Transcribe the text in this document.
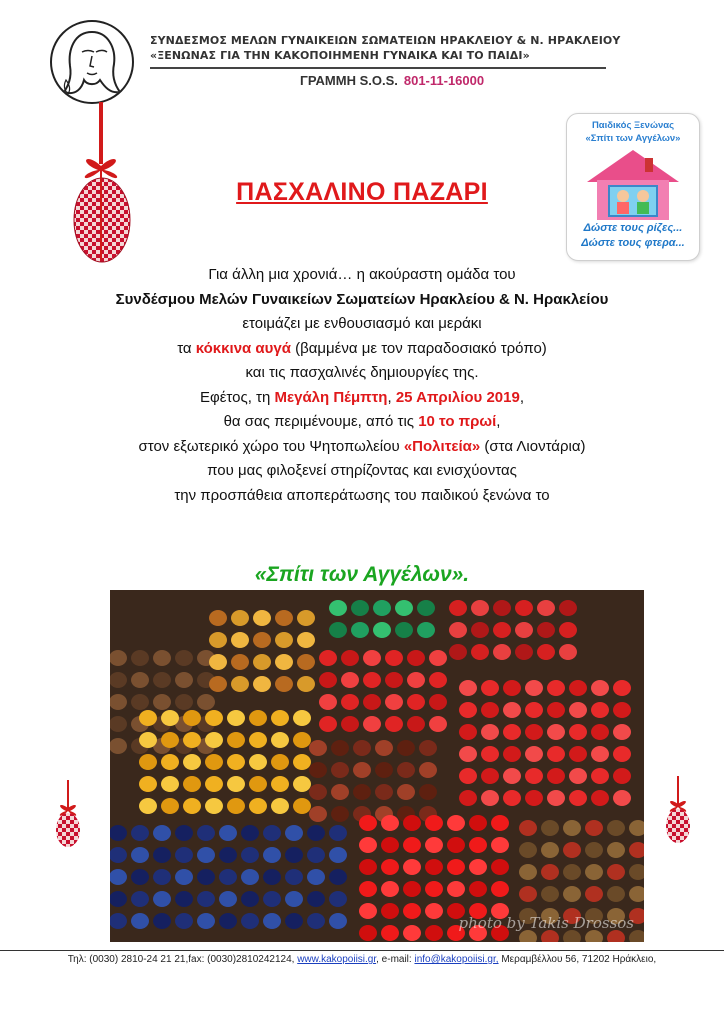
ΣΥΝΔΕΣΜΟΣ ΜΕΛΩΝ ΓΥΝΑΙΚΕΙΩΝ ΣΩΜΑΤΕΙΩΝ ΗΡΑΚΛΕΙΟΥ & Ν. ΗΡΑΚΛΕΙΟΥ
«ΞΕΝΩΝΑΣ ΓΙΑ ΤΗΝ ΚΑΚΟΠΟΙΗΜΕΝΗ ΓΥΝΑΙΚΑ ΚΑΙ ΤΟ ΠΑΙΔΙ»
ΓΡΑΜΜΗ S.O.S. 801-11-16000
Παιδικός Ξενώνας
«Σπίτι των Αγγέλων»
Δώστε τους ρίζες...
Δώστε τους φτερα...
ΠΑΣΧΑΛΙΝΟ ΠΑΖΑΡΙ
Για άλλη μια χρονιά… η ακούραστη ομάδα του
Συνδέσμου Μελών Γυναικείων Σωματείων Ηρακλείου & Ν. Ηρακλείου
ετοιμάζει με ενθουσιασμό και μεράκι
τα κόκκινα αυγά (βαμμένα με τον παραδοσιακό τρόπο)
και τις πασχαλινές δημιουργίες της.
Εφέτος, τη Μεγάλη Πέμπτη, 25 Απριλίου 2019,
θα σας περιμένουμε, από τις 10 το πρωί,
στον εξωτερικό χώρο του Ψητοπωλείου «Πολιτεία» (στα Λιοντάρια)
που μας φιλοξενεί στηρίζοντας και ενισχύοντας
την προσπάθεια αποπεράτωσης του παιδικού ξενώνα το
«Σπίτι των Αγγέλων».
photo by Takis Drossos
Τηλ: (0030) 2810-24 21 21,fax: (0030)2810242124, www.kakopoiisi.gr, e-mail: info@kakopoiisi.gr, Μεραμβέλλου 56, 71202 Ηράκλειο,
